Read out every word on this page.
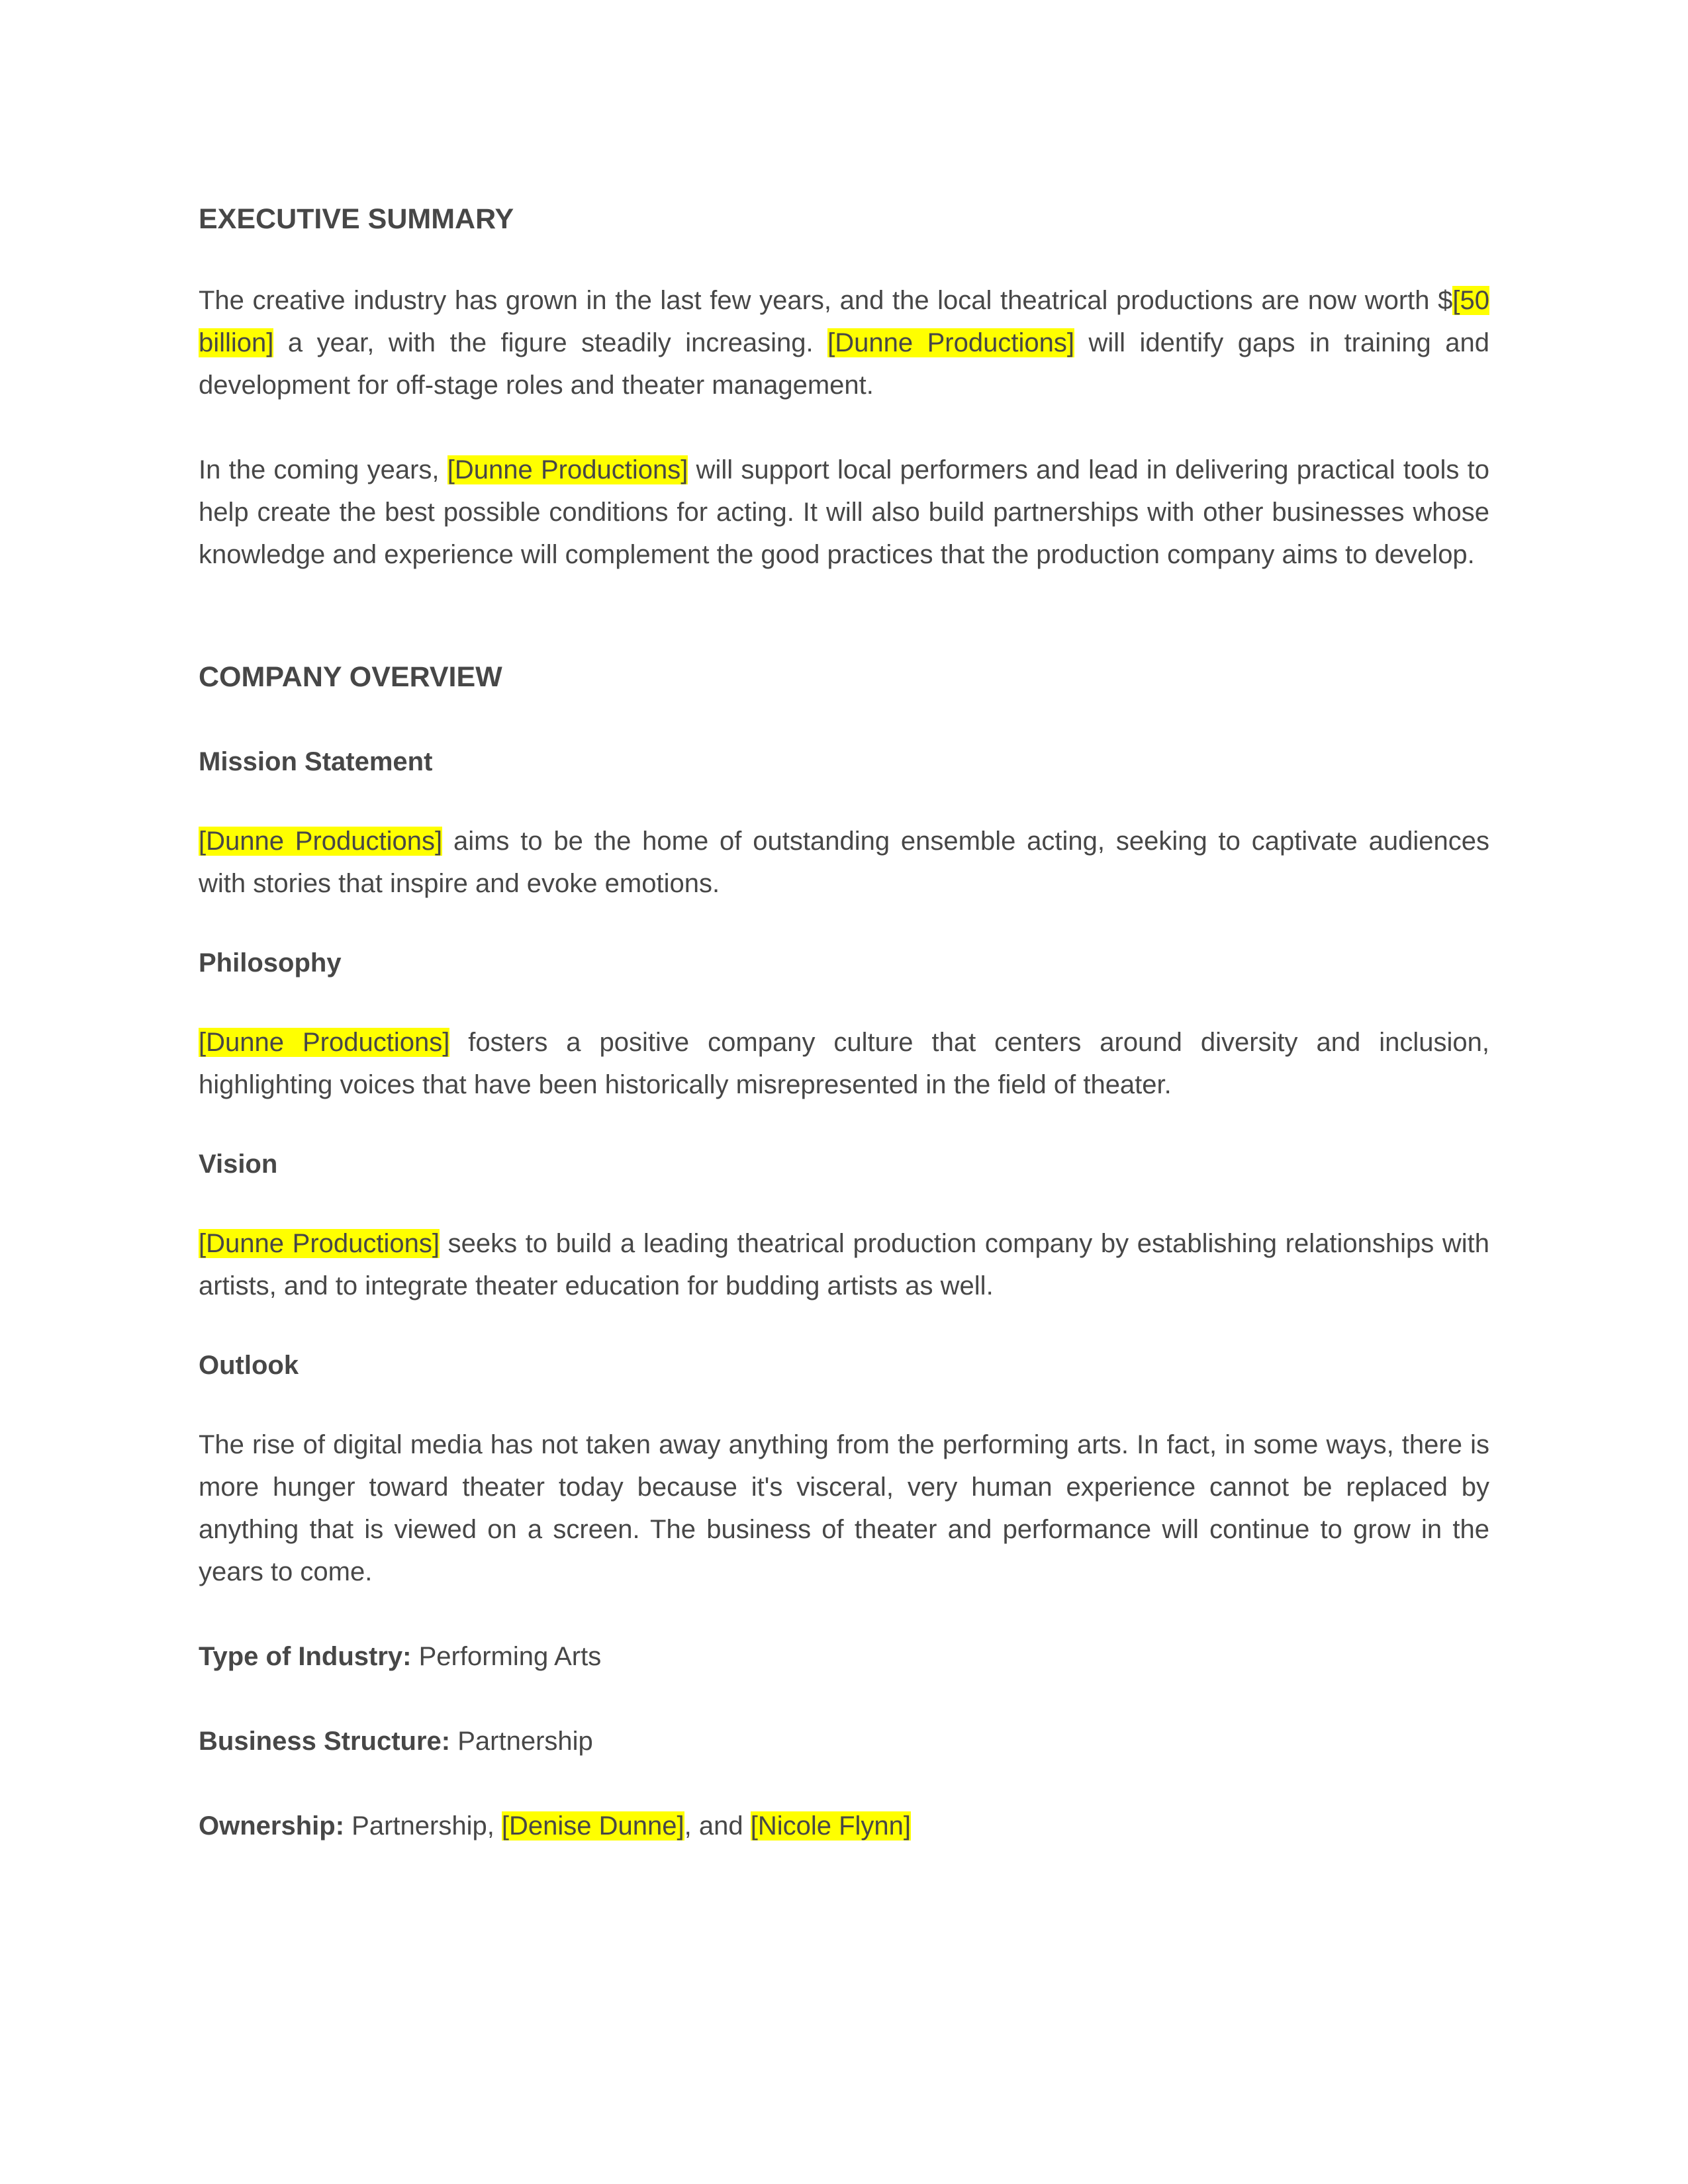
EXECUTIVE SUMMARY

The creative industry has grown in the last few years, and the local theatrical productions are now worth $[50 billion] a year, with the figure steadily increasing. [Dunne Productions] will identify gaps in training and development for off-stage roles and theater management.

In the coming years, [Dunne Productions] will support local performers and lead in delivering practical tools to help create the best possible conditions for acting. It will also build partnerships with other businesses whose knowledge and experience will complement the good practices that the production company aims to develop.

COMPANY OVERVIEW
Mission Statement

[Dunne Productions] aims to be the home of outstanding ensemble acting, seeking to captivate audiences with stories that inspire and evoke emotions.

Philosophy

[Dunne Productions] fosters a positive company culture that centers around diversity and inclusion, highlighting voices that have been historically misrepresented in the field of theater.

Vision

[Dunne Productions] seeks to build a leading theatrical production company by establishing relationships with artists, and to integrate theater education for budding artists as well.

Outlook

The rise of digital media has not taken away anything from the performing arts. In fact, in some ways, there is more hunger toward theater today because it's visceral, very human experience cannot be replaced by anything that is viewed on a screen. The business of theater and performance will continue to grow in the years to come.

Type of Industry: Performing Arts

Business Structure: Partnership

Ownership: Partnership, [Denise Dunne], and [Nicole Flynn]
